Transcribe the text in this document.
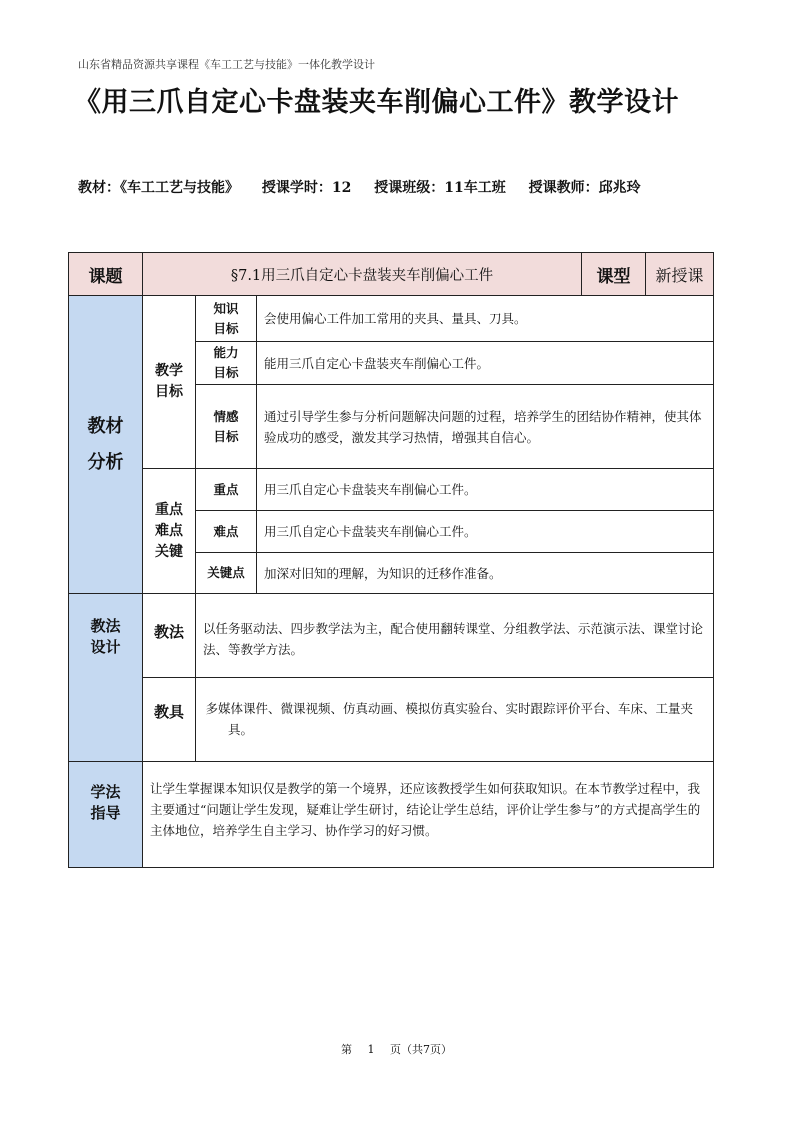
山东省精品资源共享课程《车工工艺与技能》一体化教学设计
《用三爪自定心卡盘装夹车削偏心工件》教学设计
教材：《车工工艺与技能》 授课学时：12 授课班级：11车工班 授课教师：邱兆玲
课题	§7.1用三爪自定心卡盘装夹车削偏心工件			课型	新授课

教材分析	教学目标	知识目标	会使用偏心工件加工常用的夹具、量具、刀具。		

		能力目标	能用三爪自定心卡盘装夹车削偏心工件。		

		情感目标	通过引导学生参与分析问题解决问题的过程，培养学生的团结协作精神，使其体验成功的感受，激发其学习热情，增强其自信心。		

	重点难点关键	重点	用三爪自定心卡盘装夹车削偏心工件。		
		难点	用三爪自定心卡盘装夹车削偏心工件。		
		关键点	加深对旧知的理解，为知识的迁移作准备。		

教法设计	教法	以任务驱动法、四步教学法为主，配合使用翻转课堂、分组教学法、示范演示法、课堂讨论法、等教学方法。			
	教具	多媒体课件、微课视频、仿真动画、模拟仿真实验台、实时跟踪评价平台、车床、工量夹具。			

学法指导	让学生掌握课本知识仅是教学的第一个境界，还应该教授学生如何获取知识。在本节教学过程中，我主要通过“问题让学生发现，疑难让学生研讨，结论让学生总结，评价让学生参与”的方式提高学生的主体地位，培养学生自主学习、协作学习的好习惯。				
第 1 页（共7页）
